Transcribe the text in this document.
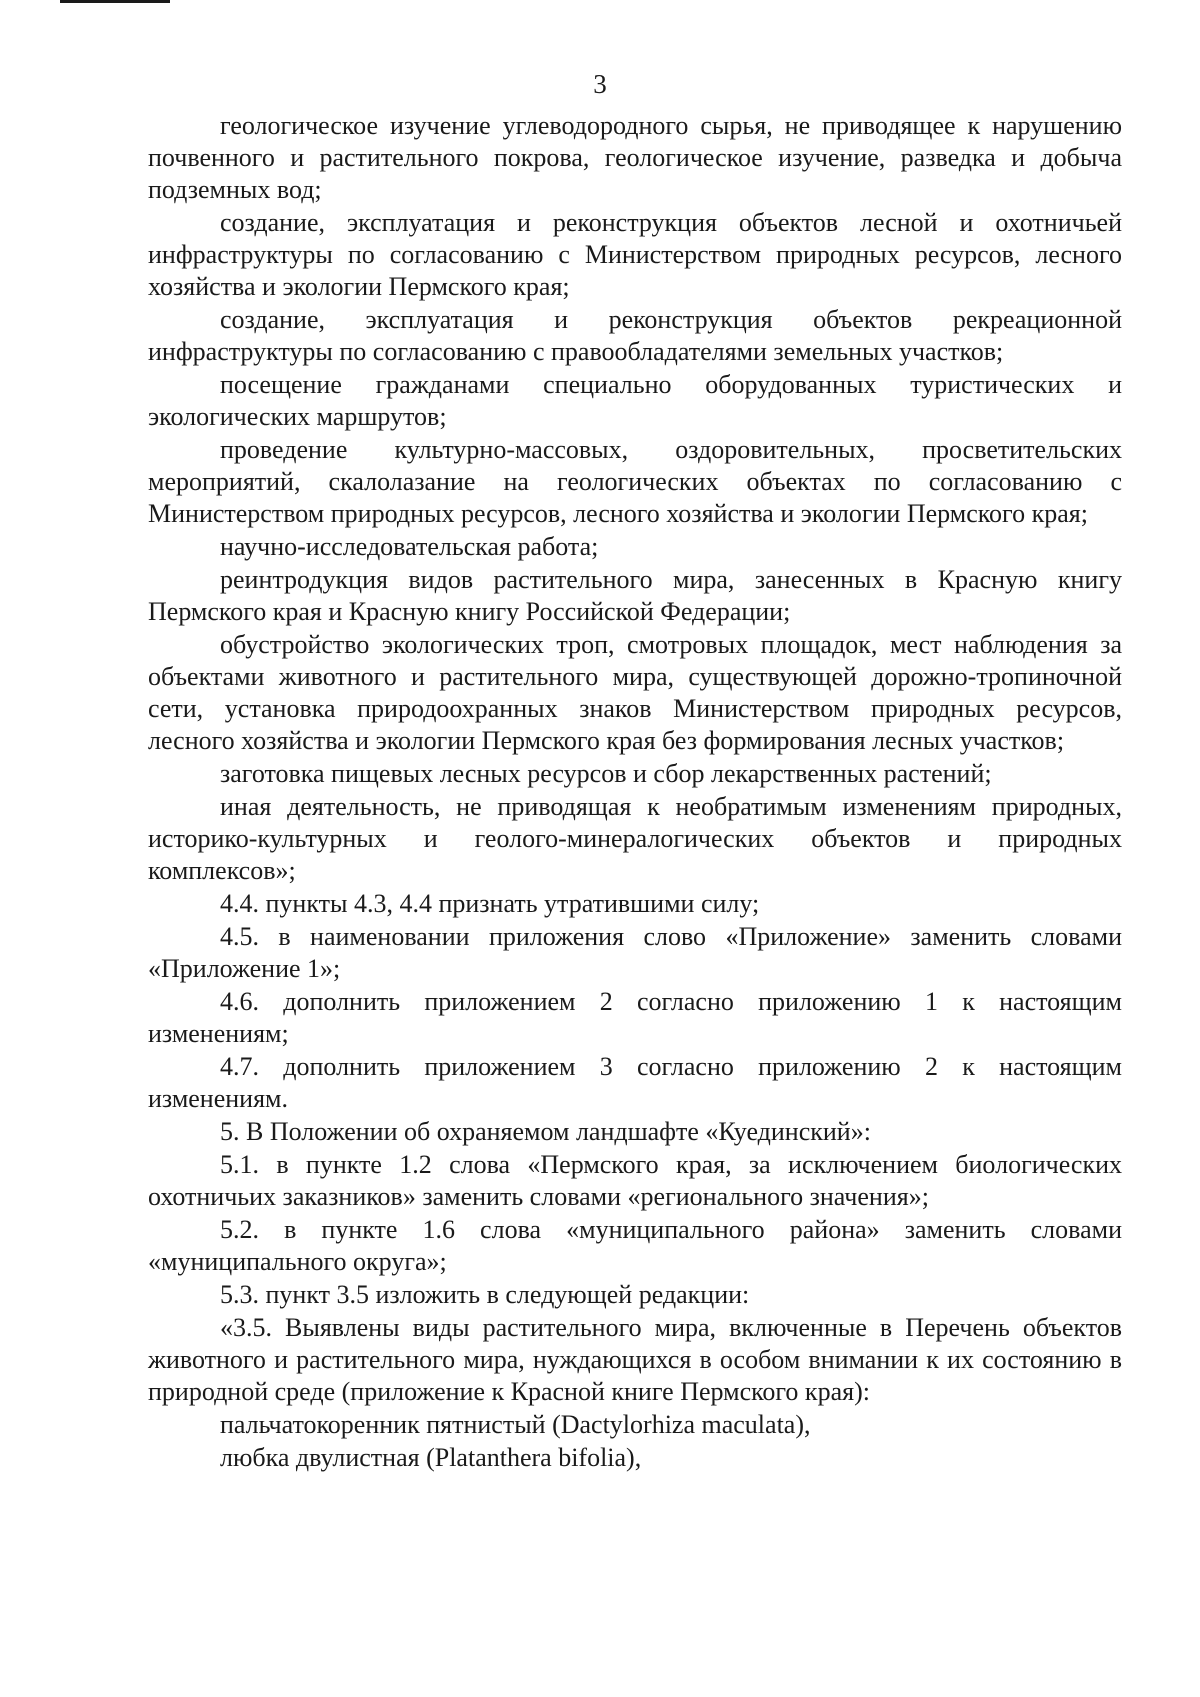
3

геологическое изучение углеводородного сырья, не приводящее к нарушению почвенного и растительного покрова, геологическое изучение, разведка и добыча подземных вод;

создание, эксплуатация и реконструкция объектов лесной и охотничьей инфраструктуры по согласованию с Министерством природных ресурсов, лесного хозяйства и экологии Пермского края;

создание, эксплуатация и реконструкция объектов рекреационной инфраструктуры по согласованию с правообладателями земельных участков;

посещение гражданами специально оборудованных туристических и экологических маршрутов;

проведение культурно-массовых, оздоровительных, просветительских мероприятий, скалолазание на геологических объектах по согласованию с Министерством природных ресурсов, лесного хозяйства и экологии Пермского края;

научно-исследовательская работа;

реинтродукция видов растительного мира, занесенных в Красную книгу Пермского края и Красную книгу Российской Федерации;

обустройство экологических троп, смотровых площадок, мест наблюдения за объектами животного и растительного мира, существующей дорожно-тропиночной сети, установка природоохранных знаков Министерством природных ресурсов, лесного хозяйства и экологии Пермского края без формирования лесных участков;

заготовка пищевых лесных ресурсов и сбор лекарственных растений;

иная деятельность, не приводящая к необратимым изменениям природных, историко-культурных и геолого-минералогических объектов и природных комплексов»;

4.4. пункты 4.3, 4.4 признать утратившими силу;

4.5. в наименовании приложения слово «Приложение» заменить словами «Приложение 1»;

4.6. дополнить приложением 2 согласно приложению 1 к настоящим изменениям;

4.7. дополнить приложением 3 согласно приложению 2 к настоящим изменениям.

5. В Положении об охраняемом ландшафте «Куединский»:

5.1. в пункте 1.2 слова «Пермского края, за исключением биологических охотничьих заказников» заменить словами «регионального значения»;

5.2. в пункте 1.6 слова «муниципального района» заменить словами «муниципального округа»;

5.3. пункт 3.5 изложить в следующей редакции:

«3.5. Выявлены виды растительного мира, включенные в Перечень объектов животного и растительного мира, нуждающихся в особом внимании к их состоянию в природной среде (приложение к Красной книге Пермского края):

пальчатокоренник пятнистый (Dactylorhiza maculata),

любка двулистная (Platanthera bifolia),
